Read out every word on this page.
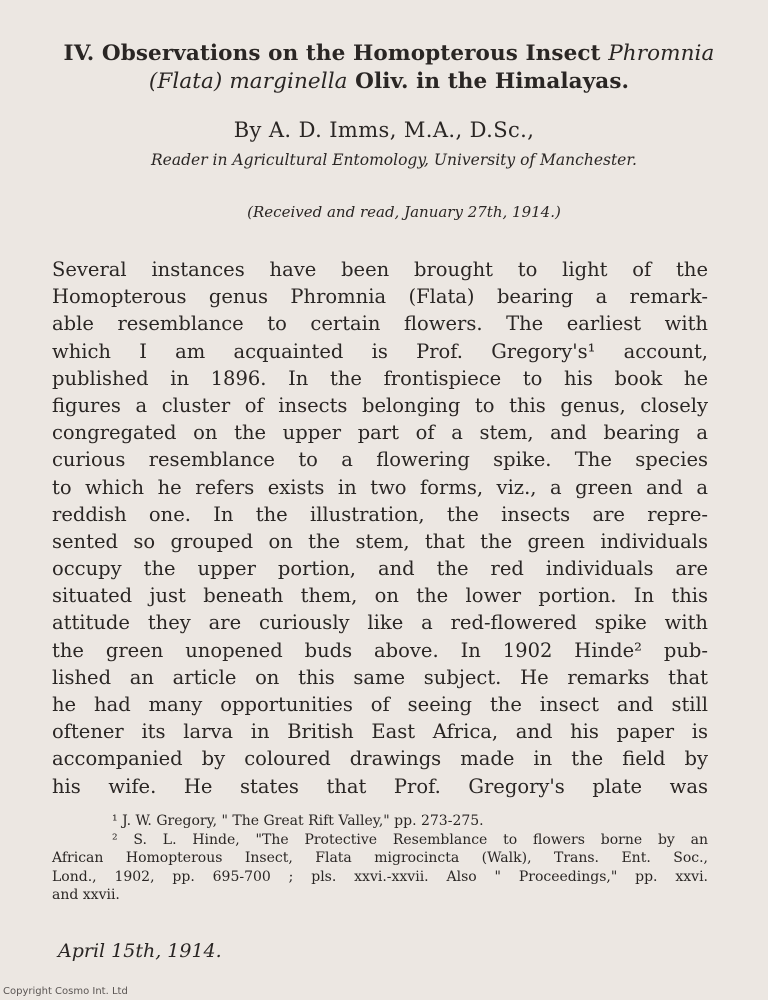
IV. Observations on the Homopterous Insect Phromnia
(Flata) marginella Oliv. in the Himalayas.
By A. D. Imms, M.A., D.Sc.,
Reader in Agricultural Entomology, University of Manchester.
(Received and read, January 27th, 1914.)
Several instances have been brought to light of the
Homopterous genus Phromnia (Flata) bearing a remark-
able resemblance to certain flowers. The earliest with
which I am acquainted is Prof. Gregory's¹ account,
published in 1896. In the frontispiece to his book he
figures a cluster of insects belonging to this genus, closely
congregated on the upper part of a stem, and bearing a
curious resemblance to a flowering spike. The species
to which he refers exists in two forms, viz., a green and a
reddish one. In the illustration, the insects are repre-
sented so grouped on the stem, that the green individuals
occupy the upper portion, and the red individuals are
situated just beneath them, on the lower portion. In this
attitude they are curiously like a red-flowered spike with
the green unopened buds above. In 1902 Hinde² pub-
lished an article on this same subject. He remarks that
he had many opportunities of seeing the insect and still
oftener its larva in British East Africa, and his paper is
accompanied by coloured drawings made in the field by
his wife. He states that Prof. Gregory's plate was
¹ J. W. Gregory, " The Great Rift Valley," pp. 273-275.
² S. L. Hinde, "The Protective Resemblance to flowers borne by an
African Homopterous Insect, Flata migrocincta (Walk), Trans. Ent. Soc.,
Lond., 1902, pp. 695-700 ; pls. xxvi.-xxvii. Also " Proceedings," pp. xxvi.
and xxvii.
April 15th, 1914.
Copyright Cosmo Int. Ltd
